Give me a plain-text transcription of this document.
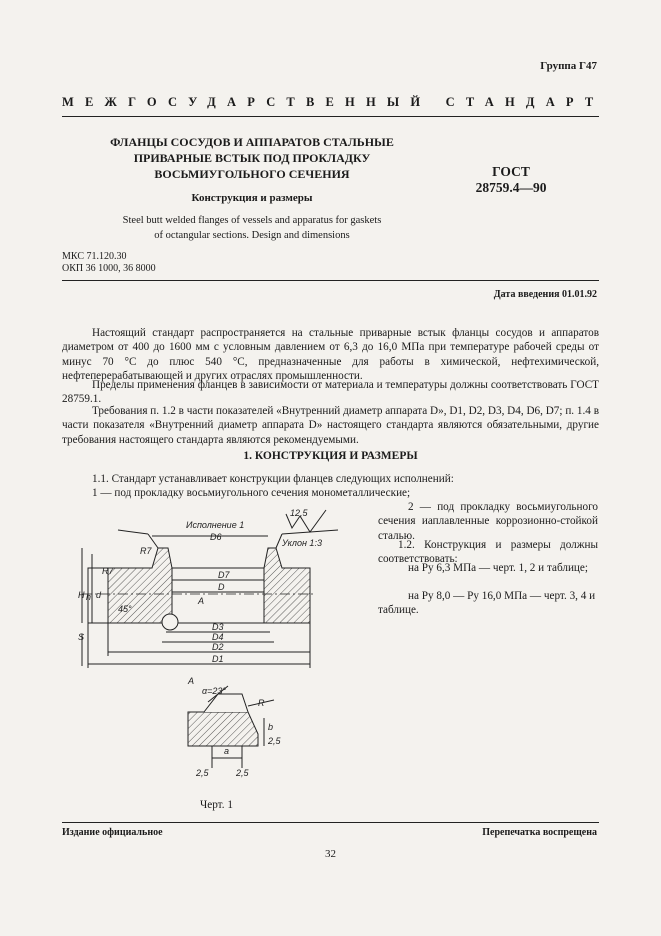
Группа Г47
МЕЖГОСУДАРСТВЕННЫЙ СТАНДАРТ
ФЛАНЦЫ СОСУДОВ И АППАРАТОВ СТАЛЬНЫЕ
ПРИВАРНЫЕ ВСТЫК ПОД ПРОКЛАДКУ
ВОСЬМИУГОЛЬНОГО СЕЧЕНИЯ	ГОСТ
28759.4—90
Конструкция и размеры
Steel butt welded flanges of vessels and apparatus for gaskets
of octangular sections. Design and dimensions
МКС 71.120.30
ОКП 36 1000, 36 8000
Дата введения 01.01.92
Настоящий стандарт распространяется на стальные приварные встык фланцы сосудов и аппаратов диаметром от 400 до 1600 мм с условным давлением от 6,3 до 16,0 МПа при температуре рабочей среды от минус 70 °С до плюс 540 °С, предназначенные для работы в химической, нефтехимической, нефтеперерабатывающей и других отраслях промышленности.
Пределы применения фланцев в зависимости от материала и температуры должны соответствовать ГОСТ 28759.1.
Требования п. 1.2 в части показателей «Внутренний диаметр аппарата D», D1, D2, D3, D4, D6, D7; п. 1.4 в части показателя «Внутренний диаметр аппарата D» настоящего стандарта являются обязательными, другие требования настоящего стандарта являются рекомендуемыми.
1. КОНСТРУКЦИЯ И РАЗМЕРЫ
1.1. Стандарт устанавливает конструкции фланцев следующих исполнений:
1 — под прокладку восьмиугольного сечения монометаллические;
2 — под прокладку восьмиугольного сечения иаплавленные коррозионно-стойкой сталью.
1.2. Конструкция и размеры должны соответствовать:
на Рy 6,3 МПа — черт. 1, 2 и таблице;
на Рy 8,0 — Рy 16,0 МПа — черт. 3, 4 и таблице.
Исполнение 1
12,5
Уклон 1:3
R7
D6
D7
D
A
D3
D4
D2
D1
H h d
S
45°
R7
A
α=23°
R
a
b
2,5	2,5
2,5
Черт. 1
Издание официальное	Перепечатка воспрещена
32
